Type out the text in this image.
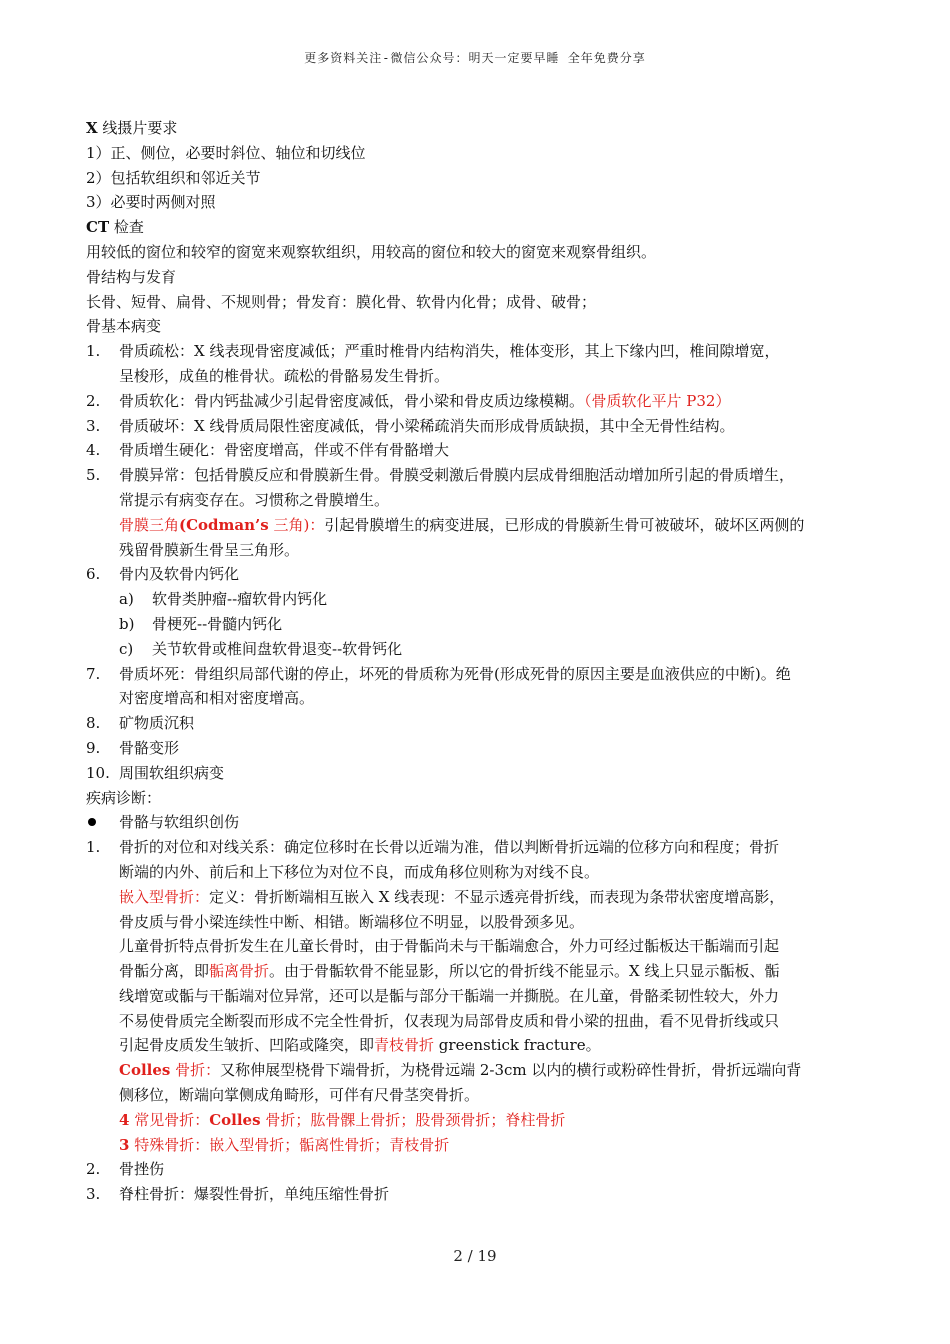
更多资料关注-微信公众号：明天一定要早睡 全年免费分享
X 线摄片要求
1）正、侧位，必要时斜位、轴位和切线位
2）包括软组织和邻近关节
3）必要时两侧对照
CT 检查
用较低的窗位和较窄的窗宽来观察软组织，用较高的窗位和较大的窗宽来观察骨组织。
骨结构与发育
长骨、短骨、扁骨、不规则骨；骨发育：膜化骨、软骨内化骨；成骨、破骨；
骨基本病变
1. 骨质疏松：X 线表现骨密度减低；严重时椎骨内结构消失，椎体变形，其上下缘内凹，椎间隙增宽，
呈梭形，成鱼的椎骨状。疏松的骨骼易发生骨折。
2. 骨质软化：骨内钙盐减少引起骨密度减低，骨小梁和骨皮质边缘模糊。（骨质软化平片 P32）
3. 骨质破坏：X 线骨质局限性密度减低，骨小梁稀疏消失而形成骨质缺损，其中全无骨性结构。
4. 骨质增生硬化：骨密度增高，伴或不伴有骨骼增大
5. 骨膜异常：包括骨膜反应和骨膜新生骨。骨膜受刺激后骨膜内层成骨细胞活动增加所引起的骨质增生，
常提示有病变存在。习惯称之骨膜增生。
骨膜三角(Codman’s 三角)：引起骨膜增生的病变进展，已形成的骨膜新生骨可被破坏，破坏区两侧的
残留骨膜新生骨呈三角形。
6. 骨内及软骨内钙化
a) 软骨类肿瘤--瘤软骨内钙化
b) 骨梗死--骨髓内钙化
c) 关节软骨或椎间盘软骨退变--软骨钙化
7. 骨质坏死：骨组织局部代谢的停止，坏死的骨质称为死骨(形成死骨的原因主要是血液供应的中断)。绝
对密度增高和相对密度增高。
8. 矿物质沉积
9. 骨骼变形
10. 周围软组织病变
疾病诊断：
骨骼与软组织创伤
1. 骨折的对位和对线关系：确定位移时在长骨以近端为准，借以判断骨折远端的位移方向和程度；骨折
断端的内外、前后和上下移位为对位不良，而成角移位则称为对线不良。
嵌入型骨折：定义：骨折断端相互嵌入 X 线表现：不显示透亮骨折线，而表现为条带状密度增高影，
骨皮质与骨小梁连续性中断、相错。断端移位不明显，以股骨颈多见。
儿童骨折特点骨折发生在儿童长骨时，由于骨骺尚未与干骺端愈合，外力可经过骺板达干骺端而引起
骨骺分离，即骺离骨折。由于骨骺软骨不能显影，所以它的骨折线不能显示。X 线上只显示骺板、骺
线增宽或骺与干骺端对位异常，还可以是骺与部分干骺端一并撕脱。在儿童，骨骼柔韧性较大，外力
不易使骨质完全断裂而形成不完全性骨折，仅表现为局部骨皮质和骨小梁的扭曲，看不见骨折线或只
引起骨皮质发生皱折、凹陷或隆突，即青枝骨折 greenstick fracture。
Colles 骨折：又称伸展型桡骨下端骨折，为桡骨远端 2-3cm 以内的横行或粉碎性骨折，骨折远端向背
侧移位，断端向掌侧成角畸形，可伴有尺骨茎突骨折。
4 常见骨折：Colles 骨折；肱骨髁上骨折；股骨颈骨折；脊柱骨折
3 特殊骨折：嵌入型骨折；骺离性骨折；青枝骨折
2. 骨挫伤
3. 脊柱骨折：爆裂性骨折，单纯压缩性骨折
2 / 19
